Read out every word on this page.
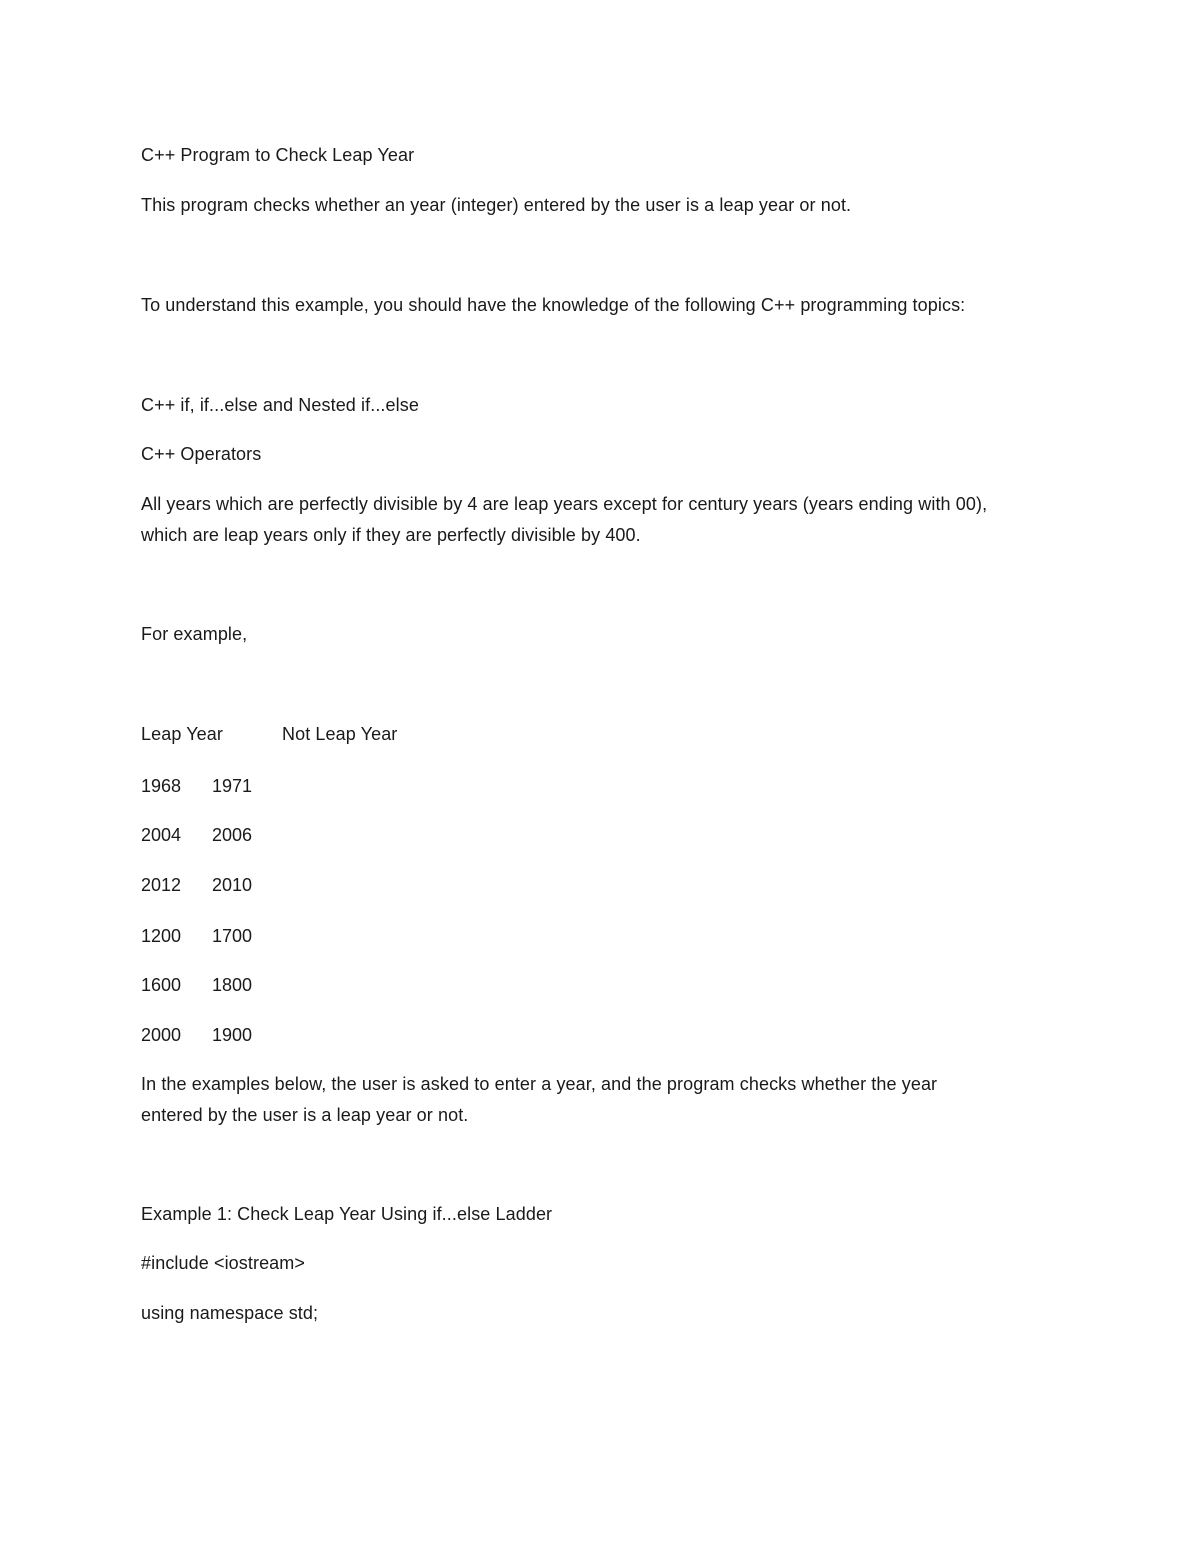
C++ Program to Check Leap Year
This program checks whether an year (integer) entered by the user is a leap year or not.
To understand this example, you should have the knowledge of the following C++ programming topics:
C++ if, if...else and Nested if...else
C++ Operators
All years which are perfectly divisible by 4 are leap years except for century years (years ending with 00),
which are leap years only if they are perfectly divisible by 400.
For example,
Leap Year	Not Leap Year
1968 1971
2004 2006
2012 2010
1200 1700
1600 1800
2000 1900
In the examples below, the user is asked to enter a year, and the program checks whether the year
entered by the user is a leap year or not.
Example 1: Check Leap Year Using if...else Ladder
#include <iostream>
using namespace std;
